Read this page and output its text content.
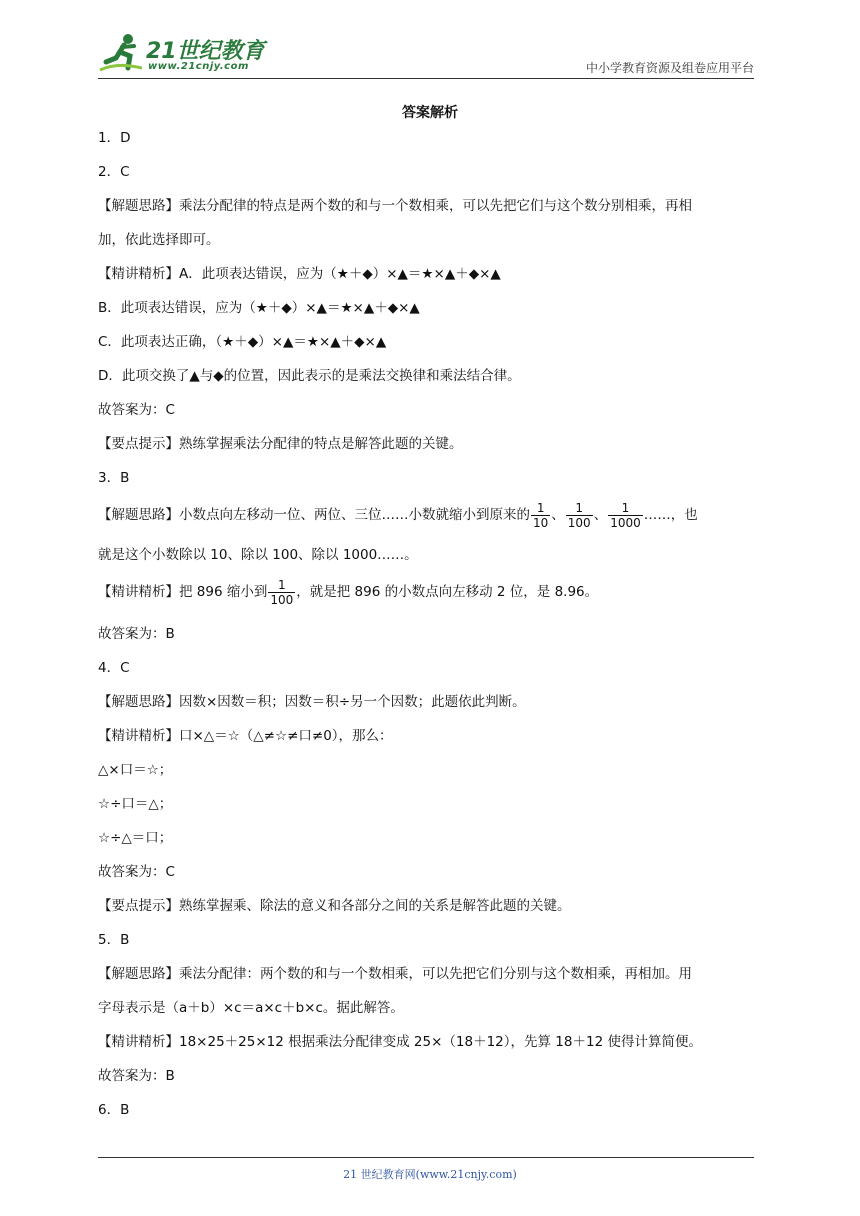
21世纪教育
www.21cnjy.com	中小学教育资源及组卷应用平台
答案解析
1．D
2．C
【解题思路】乘法分配律的特点是两个数的和与一个数相乘，可以先把它们与这个数分别相乘，再相
加，依此选择即可。
【精讲精析】A．此项表达错误，应为（★＋◆）×▲＝★×▲＋◆×▲
B．此项表达错误，应为（★＋◆）×▲＝★×▲＋◆×▲
C．此项表达正确，（★＋◆）×▲＝★×▲＋◆×▲
D．此项交换了▲与◆的位置，因此表示的是乘法交换律和乘法结合律。
故答案为：C
【要点提示】熟练掌握乘法分配律的特点是解答此题的关键。
3．B
【解题思路】小数点向左移动一位、两位、三位……小数就缩小到原来的 $\frac{1}{10}$ 、 $\frac{1}{100}$ 、 $\frac{1}{1000}$ ……，也
就是这个小数除以 10、除以 100、除以 1000……。
【精讲精析】把 896 缩小到 $\frac{1}{100}$ ，就是把 896 的小数点向左移动 2 位，是 8.96。
故答案为：B
4．C
【解题思路】因数×因数＝积；因数＝积÷另一个因数；此题依此判断。
【精讲精析】口×△＝☆（△≠☆≠口≠0），那么：
△×口＝☆；
☆÷口＝△；
☆÷△＝口；
故答案为：C
【要点提示】熟练掌握乘、除法的意义和各部分之间的关系是解答此题的关键。
5．B
【解题思路】乘法分配律：两个数的和与一个数相乘，可以先把它们分别与这个数相乘，再相加。用
字母表示是（a＋b）×c＝a×c＋b×c。据此解答。
【精讲精析】18×25＋25×12 根据乘法分配律变成 25×（18＋12），先算 18＋12 使得计算简便。
故答案为：B
6．B
21 世纪教育网(www.21cnjy.com)
